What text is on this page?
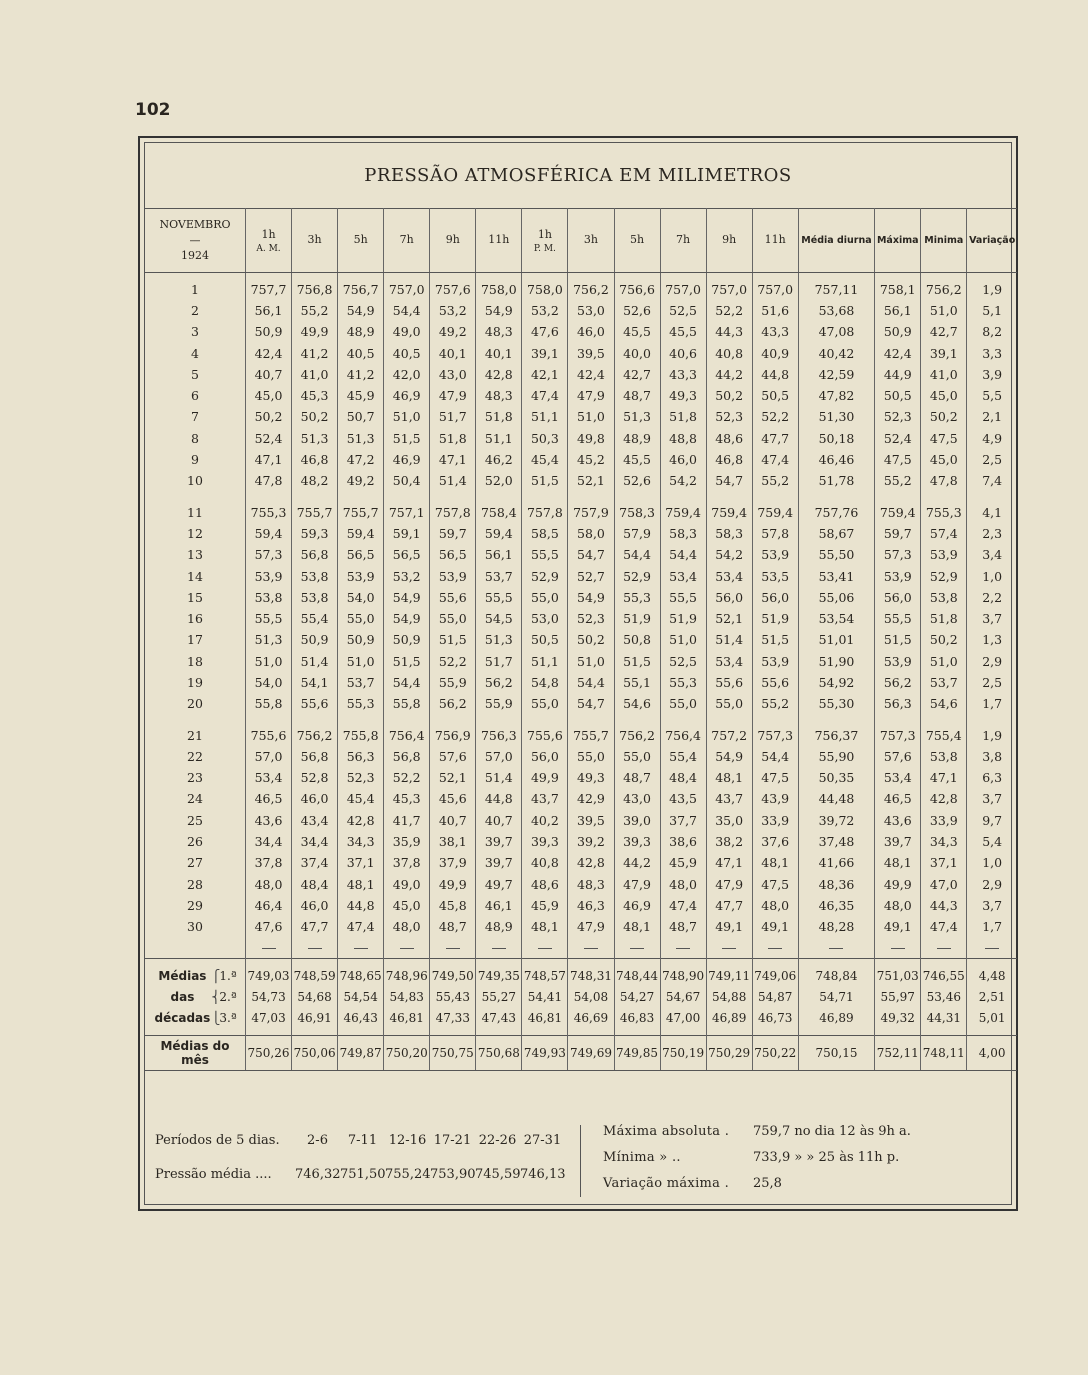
102
PRESSÃO ATMOSFÉRICA EM MILIMETROS
NOVEMBRO
—
1924	1h
A. M.	3h	5h	7h	9h	11h	1h
P. M.	3h	5h	7h	9h	11h	Média diurna	Máxima	Minima	Variação

1	757,7	756,8	756,7	757,0	757,6	758,0	758,0	756,2	756,6	757,0	757,0	757,0	757,11	758,1	756,2	1,9
2	56,1	55,2	54,9	54,4	53,2	54,9	53,2	53,0	52,6	52,5	52,2	51,6	53,68	56,1	51,0	5,1
3	50,9	49,9	48,9	49,0	49,2	48,3	47,6	46,0	45,5	45,5	44,3	43,3	47,08	50,9	42,7	8,2
4	42,4	41,2	40,5	40,5	40,1	40,1	39,1	39,5	40,0	40,6	40,8	40,9	40,42	42,4	39,1	3,3
5	40,7	41,0	41,2	42,0	43,0	42,8	42,1	42,4	42,7	43,3	44,2	44,8	42,59	44,9	41,0	3,9
6	45,0	45,3	45,9	46,9	47,9	48,3	47,4	47,9	48,7	49,3	50,2	50,5	47,82	50,5	45,0	5,5
7	50,2	50,2	50,7	51,0	51,7	51,8	51,1	51,0	51,3	51,8	52,3	52,2	51,30	52,3	50,2	2,1
8	52,4	51,3	51,3	51,5	51,8	51,1	50,3	49,8	48,9	48,8	48,6	47,7	50,18	52,4	47,5	4,9
9	47,1	46,8	47,2	46,9	47,1	46,2	45,4	45,2	45,5	46,0	46,8	47,4	46,46	47,5	45,0	2,5
10	47,8	48,2	49,2	50,4	51,4	52,0	51,5	52,1	52,6	54,2	54,7	55,2	51,78	55,2	47,8	7,4

11	755,3	755,7	755,7	757,1	757,8	758,4	757,8	757,9	758,3	759,4	759,4	759,4	757,76	759,4	755,3	4,1
12	59,4	59,3	59,4	59,1	59,7	59,4	58,5	58,0	57,9	58,3	58,3	57,8	58,67	59,7	57,4	2,3
13	57,3	56,8	56,5	56,5	56,5	56,1	55,5	54,7	54,4	54,4	54,2	53,9	55,50	57,3	53,9	3,4
14	53,9	53,8	53,9	53,2	53,9	53,7	52,9	52,7	52,9	53,4	53,4	53,5	53,41	53,9	52,9	1,0
15	53,8	53,8	54,0	54,9	55,6	55,5	55,0	54,9	55,3	55,5	56,0	56,0	55,06	56,0	53,8	2,2
16	55,5	55,4	55,0	54,9	55,0	54,5	53,0	52,3	51,9	51,9	52,1	51,9	53,54	55,5	51,8	3,7
17	51,3	50,9	50,9	50,9	51,5	51,3	50,5	50,2	50,8	51,0	51,4	51,5	51,01	51,5	50,2	1,3
18	51,0	51,4	51,0	51,5	52,2	51,7	51,1	51,0	51,5	52,5	53,4	53,9	51,90	53,9	51,0	2,9
19	54,0	54,1	53,7	54,4	55,9	56,2	54,8	54,4	55,1	55,3	55,6	55,6	54,92	56,2	53,7	2,5
20	55,8	55,6	55,3	55,8	56,2	55,9	55,0	54,7	54,6	55,0	55,0	55,2	55,30	56,3	54,6	1,7

21	755,6	756,2	755,8	756,4	756,9	756,3	755,6	755,7	756,2	756,4	757,2	757,3	756,37	757,3	755,4	1,9
22	57,0	56,8	56,3	56,8	57,6	57,0	56,0	55,0	55,0	55,4	54,9	54,4	55,90	57,6	53,8	3,8
23	53,4	52,8	52,3	52,2	52,1	51,4	49,9	49,3	48,7	48,4	48,1	47,5	50,35	53,4	47,1	6,3
24	46,5	46,0	45,4	45,3	45,6	44,8	43,7	42,9	43,0	43,5	43,7	43,9	44,48	46,5	42,8	3,7
25	43,6	43,4	42,8	41,7	40,7	40,7	40,2	39,5	39,0	37,7	35,0	33,9	39,72	43,6	33,9	9,7
26	34,4	34,4	34,3	35,9	38,1	39,7	39,3	39,2	39,3	38,6	38,2	37,6	37,48	39,7	34,3	5,4
27	37,8	37,4	37,1	37,8	37,9	39,7	40,8	42,8	44,2	45,9	47,1	48,1	41,66	48,1	37,1	1,0
28	48,0	48,4	48,1	49,0	49,9	49,7	48,6	48,3	47,9	48,0	47,9	47,5	48,36	49,9	47,0	2,9
29	46,4	46,0	44,8	45,0	45,8	46,1	45,9	46,3	46,9	47,4	47,7	48,0	46,35	48,0	44,3	3,7
30	47,6	47,7	47,4	48,0	48,7	48,9	48,1	47,9	48,1	48,7	49,1	49,1	48,28	49,1	47,4	1,7

Médias ⎧1.ª	749,03	748,59	748,65	748,96	749,50	749,35	748,57	748,31	748,44	748,90	749,11	749,06	748,84	751,03	746,55	4,48
das ⎨2.ª	54,73	54,68	54,54	54,83	55,43	55,27	54,41	54,08	54,27	54,67	54,88	54,87	54,71	55,97	53,46	2,51
décadas⎩3.ª	47,03	46,91	46,43	46,81	47,33	47,43	46,81	46,69	46,83	47,00	46,89	46,73	46,89	49,32	44,31	5,01
Médias do mês	750,26	750,06	749,87	750,20	750,75	750,68	749,93	749,69	749,85	750,19	750,29	750,22	750,15	752,11	748,11	4,00
Períodos de 5 dias.	2-6	7-11 12-16 17-21 22-26 27-31
Pressão média ....	746,32 751,50 755,24 753,90 745,59 746,13
Máxima absoluta .	759,7 no dia 12 às 9h a.
Mínima » ..	733,9 » » 25 às 11h p.
Variação máxima .	25,8
